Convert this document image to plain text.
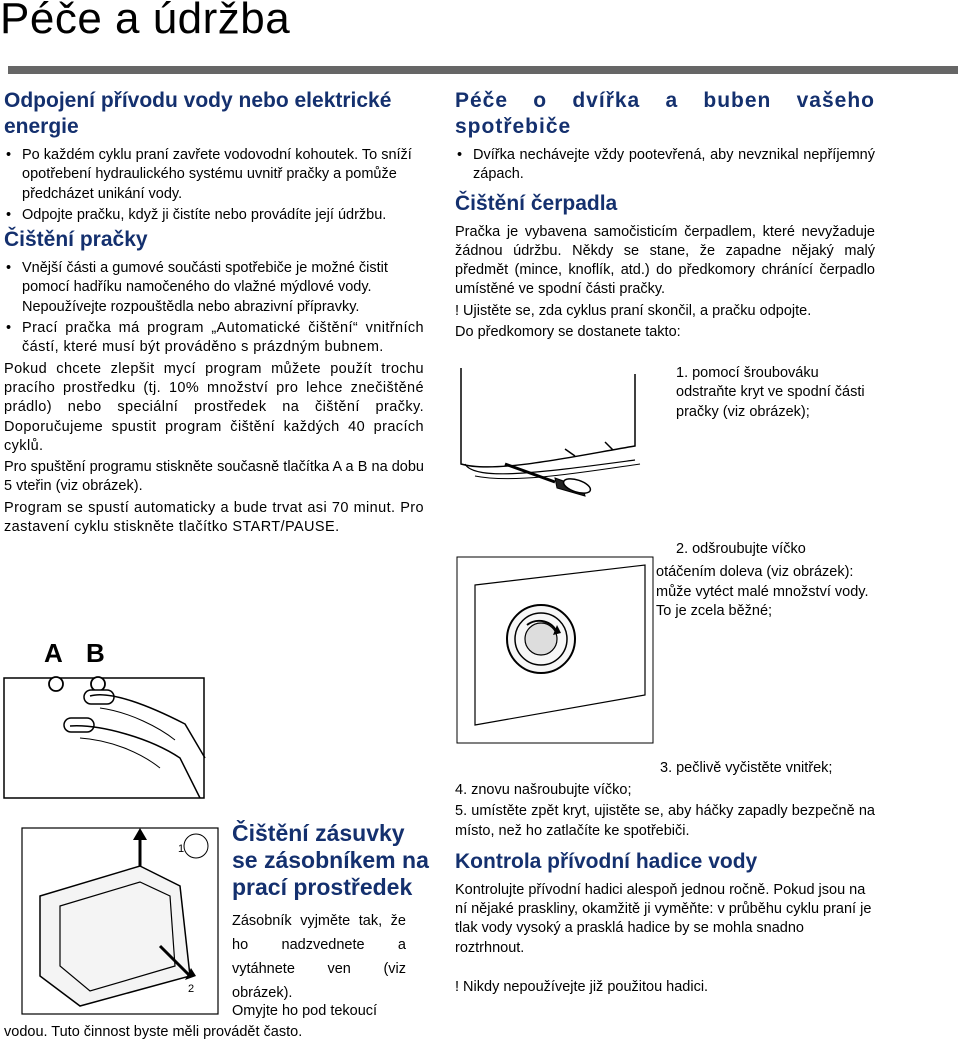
Péče a údržba
Odpojení přívodu vody nebo elektrické energie

• Po každém cyklu praní zavřete vodovodní kohoutek. To sníží opotřebení hydraulického systému uvnitř pračky a pomůže předcházet unikání vody.

• Odpojte pračku, když ji čistíte nebo provádíte její údržbu.

Čištění pračky

• Vnější části a gumové součásti spotřebiče je možné čistit pomocí hadříku namočeného do vlažné mýdlové vody. Nepoužívejte rozpouštědla nebo abrazivní přípravky.

• Prací pračka má program „Automatické čištění“ vnitřních částí, které musí být prováděno s prázdným bubnem.

Pokud chcete zlepšit mycí program můžete použít trochu pracího prostředku (tj. 10% množství pro lehce znečištěné prádlo) nebo speciální prostředek na čištění pračky. Doporučujeme spustit program čištění každých 40 pracích cyklů.

Pro spuštění programu stiskněte současně tlačítka A a B na dobu 5 vteřin (viz obrázek).

Program se spustí automaticky a bude trvat asi 70 minut. Pro zastavení cyklu stiskněte tlačítko START/PAUSE.

A B
1
2
Čištění zásuvky se zásobníkem na prací prostředek

Zásobník vyjměte tak, že ho nadzvednete a vytáhnete ven (viz obrázek).

Omyjte ho pod tekoucí

vodou. Tuto činnost byste měli provádět často.

Péče o dvířka a buben vašeho spotřebiče

• Dvířka nechávejte vždy pootevřená, aby nevznikal nepříjemný zápach.

Čištění čerpadla

Pračka je vybavena samočisticím čerpadlem, které nevyžaduje žádnou údržbu. Někdy se stane, že zapadne nějaký malý předmět (mince, knoflík, atd.) do předkomory chránící čerpadlo umístěné ve spodní části pračky.

! Ujistěte se, zda cyklus praní skončil, a pračku odpojte.

Do předkomory se dostanete takto:

1. pomocí šroubováku odstraňte kryt ve spodní části pračky (viz obrázek);

2. odšroubujte víčko

otáčením doleva (viz obrázek): může vytéct malé množství vody. To je zcela běžné;

3. pečlivě vyčistěte vnitřek;

4. znovu našroubujte víčko;

5. umístěte zpět kryt, ujistěte se, aby háčky zapadly bezpečně na místo, než ho zatlačíte ke spotřebiči.

Kontrola přívodní hadice vody

Kontrolujte přívodní hadici alespoň jednou ročně. Pokud jsou na ní nějaké praskliny, okamžitě ji vyměňte: v průběhu cyklu praní je tlak vody vysoký a prasklá hadice by se mohla snadno roztrhnout.

! Nikdy nepoužívejte již použitou hadici.
